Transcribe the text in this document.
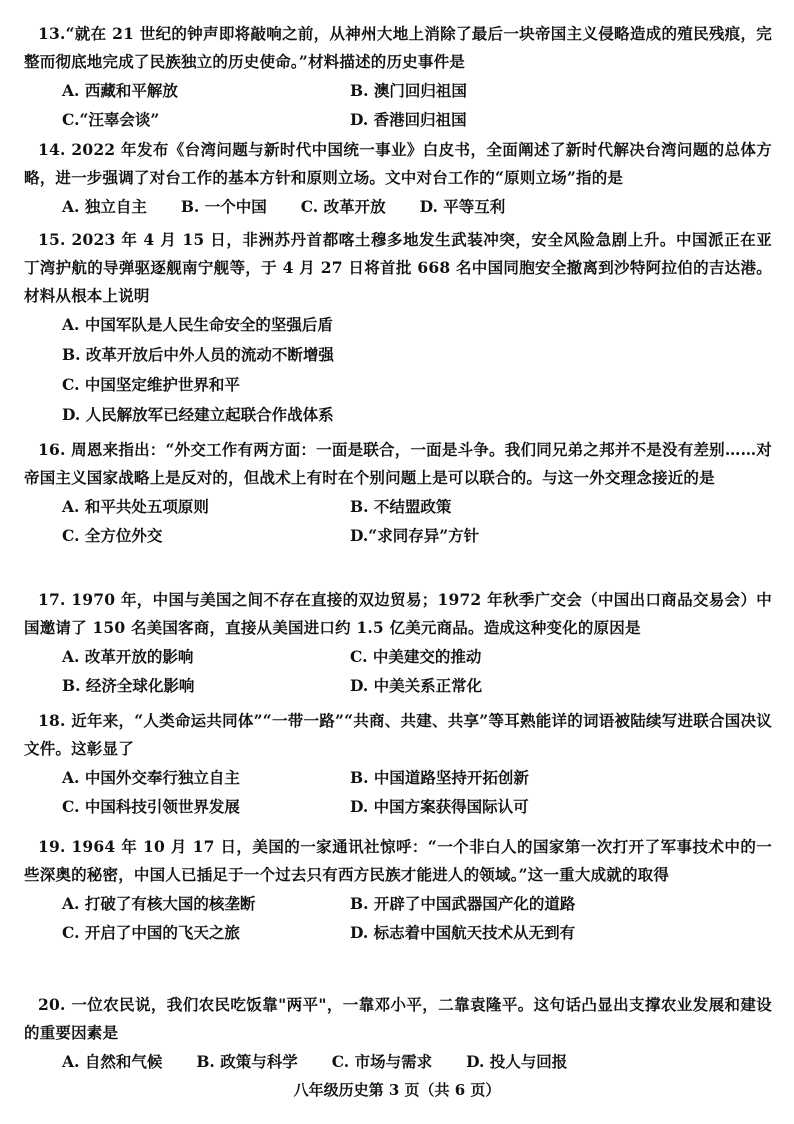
13.“就在 21 世纪的钟声即将敲响之前，从神州大地上消除了最后一块帝国主义侵略造成的殖民残痕，完整而彻底地完成了民族独立的历史使命。”材料描述的历史事件是
A. 西藏和平解放	B. 澳门回归祖国
C.“汪辜会谈”	D. 香港回归祖国
14. 2022 年发布《台湾问题与新时代中国统一事业》白皮书，全面阐述了新时代解决台湾问题的总体方略，进一步强调了对台工作的基本方针和原则立场。文中对台工作的“原则立场”指的是
A. 独立自主 B. 一个中国 C. 改革开放 D. 平等互利
15. 2023 年 4 月 15 日，非洲苏丹首都喀土穆多地发生武装冲突，安全风险急剧上升。中国派正在亚丁湾护航的导弹驱逐舰南宁舰等，于 4 月 27 日将首批 668 名中国同胞安全撤离到沙特阿拉伯的吉达港。材料从根本上说明
A. 中国军队是人民生命安全的坚强后盾
B. 改革开放后中外人员的流动不断增强
C. 中国坚定维护世界和平
D. 人民解放军已经建立起联合作战体系
16. 周恩来指出：“外交工作有两方面：一面是联合，一面是斗争。我们同兄弟之邦并不是没有差别……对帝国主义国家战略上是反对的，但战术上有时在个别问题上是可以联合的。与这一外交理念接近的是
A. 和平共处五项原则	B. 不结盟政策
C. 全方位外交	D.“求同存异”方针
17. 1970 年，中国与美国之间不存在直接的双边贸易；1972 年秋季广交会（中国出口商品交易会）中国邀请了 150 名美国客商，直接从美国进口约 1.5 亿美元商品。造成这种变化的原因是
A. 改革开放的影响	C. 中美建交的推动
B. 经济全球化影响	D. 中美关系正常化
18. 近年来，“人类命运共同体”“一带一路”“共商、共建、共享”等耳熟能详的词语被陆续写进联合国决议文件。这彰显了
A. 中国外交奉行独立自主	B. 中国道路坚持开拓创新
C. 中国科技引领世界发展	D. 中国方案获得国际认可
19. 1964 年 10 月 17 日，美国的一家通讯社惊呼：“一个非白人的国家第一次打开了军事技术中的一些深奥的秘密，中国人已插足于一个过去只有西方民族才能进人的领域。”这一重大成就的取得
A. 打破了有核大国的核垄断	B. 开辟了中国武器国产化的道路
C. 开启了中国的飞天之旅	D. 标志着中国航天技术从无到有
20. 一位农民说，我们农民吃饭靠"两平"，一靠邓小平，二靠袁隆平。这句话凸显出支撑农业发展和建设的重要因素是
A. 自然和气候 B. 政策与科学 C. 市场与需求 D. 投人与回报
八年级历史第 3 页（共 6 页）
